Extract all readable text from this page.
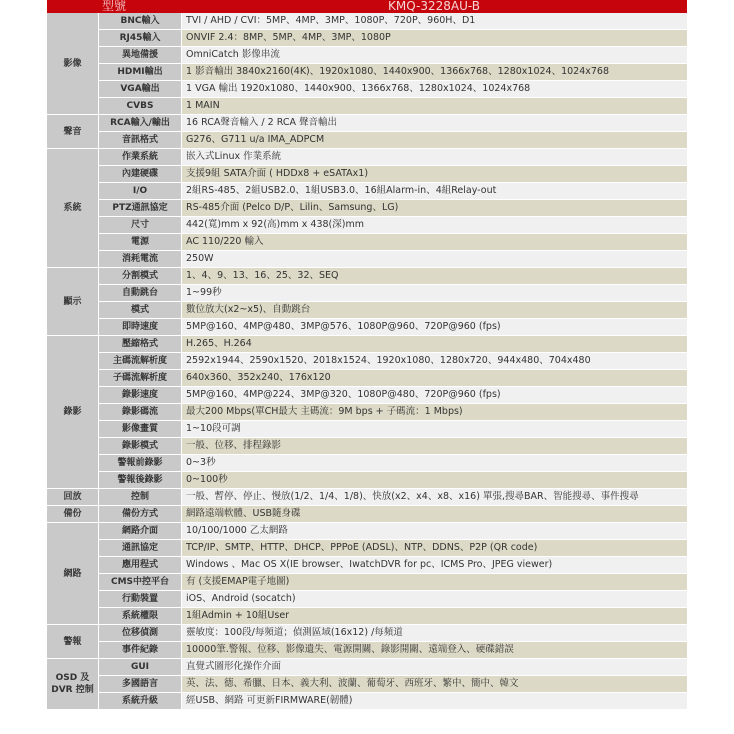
型號		KMQ-3228AU-B
影像	BNC輸入	TVI / AHD / CVI：5MP、4MP、3MP、1080P、720P、960H、D1
	RJ45輸入	ONVIF 2.4：8MP、5MP、4MP、3MP、1080P
	異地備援	OmniCatch 影像串流
	HDMI輸出	1 影音輸出 3840x2160(4K)、1920x1080、1440x900、1366x768、1280x1024、1024x768
	VGA輸出	1 VGA 輸出 1920x1080、1440x900、1366x768、1280x1024、1024x768
	CVBS	1 MAIN
聲音	RCA輸入/輸出	16 RCA聲音輸入 / 2 RCA 聲音輸出
	音訊格式	G276、G711 u/a IMA_ADPCM
系統	作業系統	嵌入式Linux 作業系統
	內建硬碟	支援9組 SATA介面 ( HDDx8 + eSATAx1)
	I/O	2組RS-485、2組USB2.0、1組USB3.0、16組Alarm-in、4組Relay-out
	PTZ通訊協定	RS-485介面 (Pelco D/P、Lilin、Samsung、LG)
	尺寸	442(寬)mm x 92(高)mm x 438(深)mm
	電源	AC 110/220 輸入
	消耗電流	250W
顯示	分割模式	1、4、9、13、16、25、32、SEQ
	自動跳台	1~99秒
	模式	數位放大(x2~x5)、自動跳台
	即時速度	5MP@160、4MP@480、3MP@576、1080P@960、720P@960 (fps)
錄影	壓縮格式	H.265、H.264
	主碼流解析度	2592x1944、2590x1520、2018x1524、1920x1080、1280x720、944x480、704x480
	子碼流解析度	640x360、352x240、176x120
	錄影速度	5MP@160、4MP@224、3MP@320、1080P@480、720P@960 (fps)
	錄影碼流	最大200 Mbps(單CH最大 主碼流：9M bps + 子碼流：1 Mbps)
	影像畫質	1~10段可調
	錄影模式	一般、位移、排程錄影
	警報前錄影	0~3秒
	警報後錄影	0~100秒
回放	控制	一般、暫停、停止、慢放(1/2、1/4、1/8)、快放(x2、x4、x8、x16) 單張,搜尋BAR、智能搜尋、事件搜尋
備份	備份方式	網路遠端軟體、USB隨身碟
網路	網路介面	10/100/1000 乙太網路
	通訊協定	TCP/IP、SMTP、HTTP、DHCP、PPPoE (ADSL)、NTP、DDNS、P2P (QR code)
	應用程式	Windows 、Mac OS X(IE browser、IwatchDVR for pc、ICMS Pro、JPEG viewer)
	CMS中控平台	有 (支援EMAP電子地圖)
	行動裝置	iOS、Android (socatch)
	系統權限	1組Admin + 10組User
警報	位移偵測	靈敏度：100段/每頻道；偵測區域(16x12) /每頻道
	事件紀錄	10000筆.警報、位移、影像遺失、電源開關、錄影開關、遠端登入、硬碟錯誤
OSD 及 DVR 控制	GUI	直覺式圖形化操作介面
	多國語言	英、法、德、希臘、日本、義大利、波蘭、葡萄牙、西班牙、繁中、簡中、韓文
	系統升級	經USB、網路 可更新FIRMWARE(韌體)
